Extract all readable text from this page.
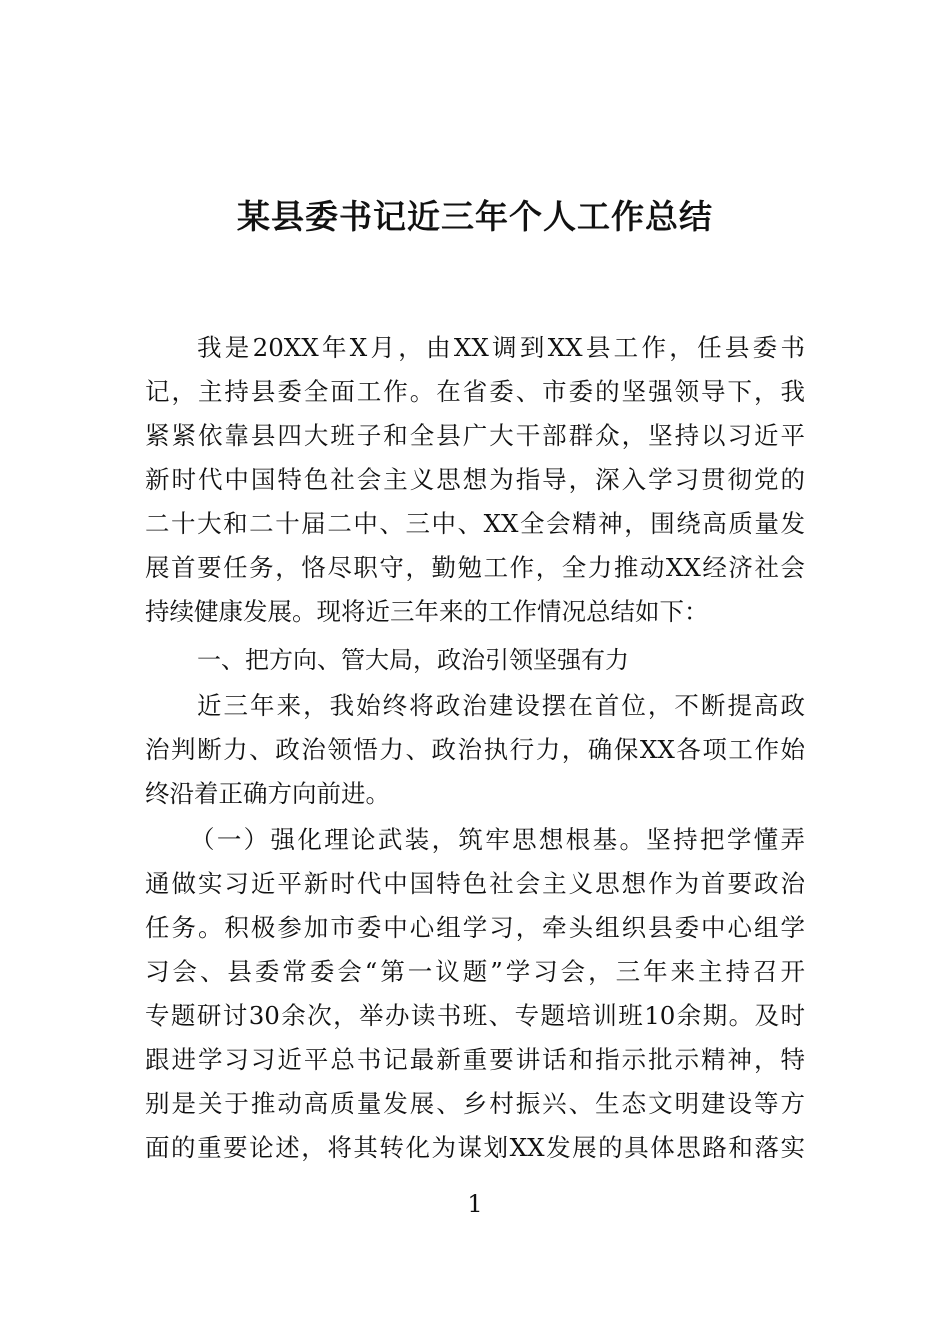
某县委书记近三年个人工作总结
我是20XX年X月，由XX调到XX县工作，任县委书
记，主持县委全面工作。在省委、市委的坚强领导下，我
紧紧依靠县四大班子和全县广大干部群众，坚持以习近平
新时代中国特色社会主义思想为指导，深入学习贯彻党的
二十大和二十届二中、三中、XX全会精神，围绕高质量发
展首要任务，恪尽职守，勤勉工作，全力推动XX经济社会
持续健康发展。现将近三年来的工作情况总结如下：
一、把方向、管大局，政治引领坚强有力
近三年来，我始终将政治建设摆在首位，不断提高政
治判断力、政治领悟力、政治执行力，确保XX各项工作始
终沿着正确方向前进。
（一）强化理论武装，筑牢思想根基。坚持把学懂弄
通做实习近平新时代中国特色社会主义思想作为首要政治
任务。积极参加市委中心组学习，牵头组织县委中心组学
习会、县委常委会“第一议题”学习会，三年来主持召开
专题研讨30余次，举办读书班、专题培训班10余期。及时
跟进学习习近平总书记最新重要讲话和指示批示精神，特
别是关于推动高质量发展、乡村振兴、生态文明建设等方
面的重要论述，将其转化为谋划XX发展的具体思路和落实
1
